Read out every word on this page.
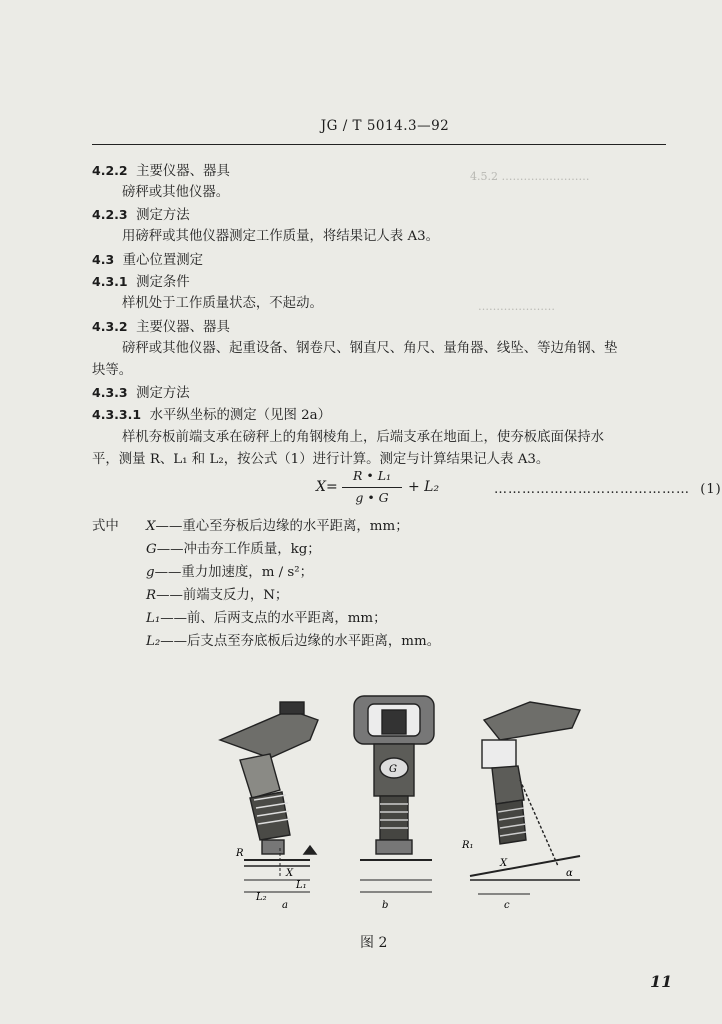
JG / T 5014.3—92
4.5.2 ……………………
…………………
4.2.2 主要仪器、器具
磅秤或其他仪器。
4.2.3 测定方法
用磅秤或其他仪器测定工作质量，将结果记人表 A3。
4.3 重心位置测定
4.3.1 测定条件
样机处于工作质量状态，不起动。
4.3.2 主要仪器、器具
磅秤或其他仪器、起重设备、钢卷尺、钢直尺、角尺、量角器、线坠、等边角钢、垫
块等。
4.3.3 测定方法
4.3.3.1 水平纵坐标的测定（见图 2a）
样机夯板前端支承在磅秤上的角钢棱角上，后端支承在地面上，使夯板底面保持水
平，测量 R、L₁ 和 L₂，按公式（1）进行计算。测定与计算结果记人表 A3。
X=
R • L₁
g • G
+ L₂	…………………………………… (1)
式中 X——重心至夯板后边缘的水平距离，mm；
G——冲击夯工作质量，kg；
g——重力加速度，m / s²；
R——前端支反力，N；
L₁——前、后两支点的水平距离，mm；
L₂——后支点至夯底板后边缘的水平距离，mm。
R
X
L₁
L₂
a
G
b
R₁
X
α
c
图 2
11
